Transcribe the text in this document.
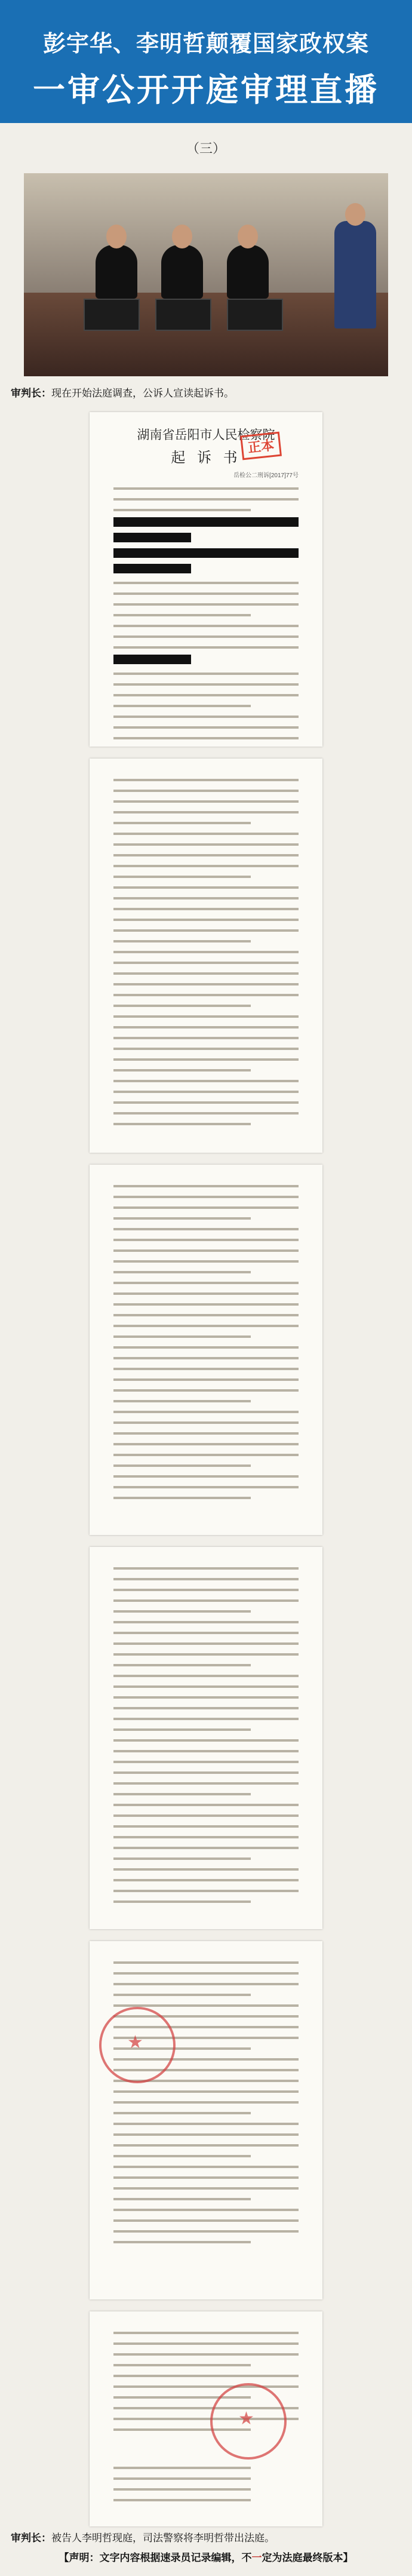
彭宇华、李明哲颠覆国家政权案
一审公开开庭审理直播
（三）
审判长：现在开始法庭调查，公诉人宣读起诉书。
湖南省岳阳市人民检察院
起 诉 书
岳检公二刑诉[2017]77号
正本
★
★
审判长：被告人李明哲现庭，司法警察将李明哲带出法庭。
【声明：文字内容根据速录员记录编辑，不一定为法庭最终版本】
